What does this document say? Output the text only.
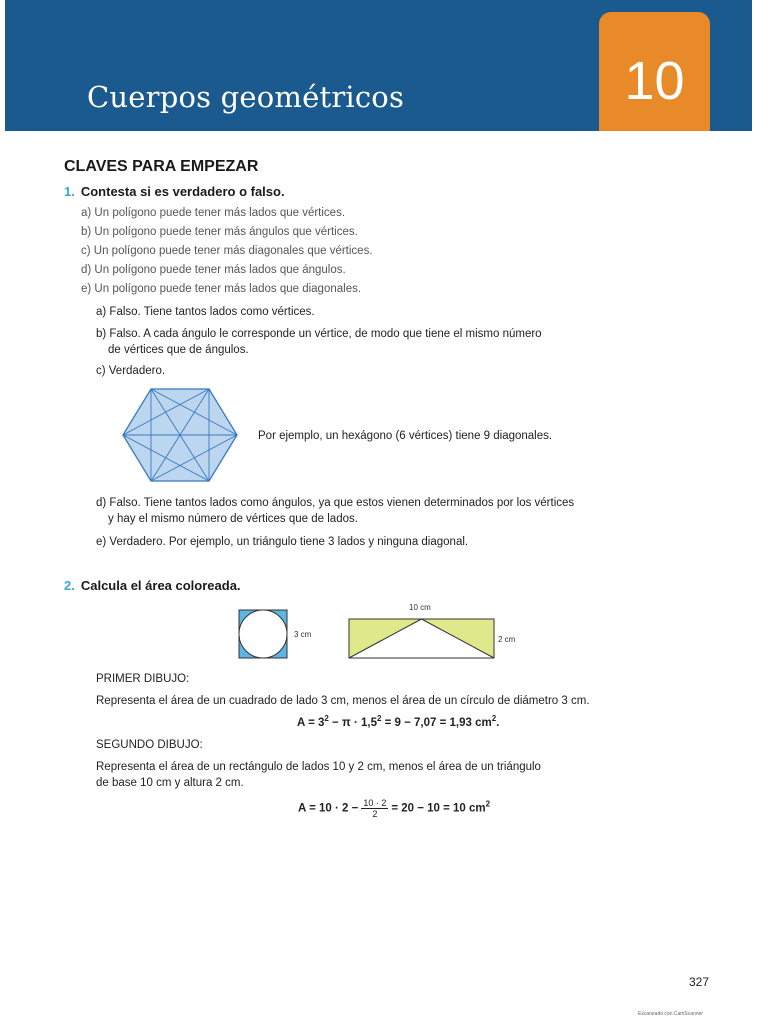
Cuerpos geométricos	10
CLAVES PARA EMPEZAR
1. Contesta si es verdadero o falso.
a) Un polígono puede tener más lados que vértices.
b) Un polígono puede tener más ángulos que vértices.
c) Un polígono puede tener más diagonales que vértices.
d) Un polígono puede tener más lados que ángulos.
e) Un polígono puede tener más lados que diagonales.
a) Falso. Tiene tantos lados como vértices.
b) Falso. A cada ángulo le corresponde un vértice, de modo que tiene el mismo número
de vértices que de ángulos.
c) Verdadero.
Por ejemplo, un hexágono (6 vértices) tiene 9 diagonales.
d) Falso. Tiene tantos lados como ángulos, ya que estos vienen determinados por los vértices
y hay el mismo número de vértices que de lados.
e) Verdadero. Por ejemplo, un triángulo tiene 3 lados y ninguna diagonal.
2. Calcula el área coloreada.
3 cm
10 cm
2 cm
PRIMER DIBUJO:
Representa el área de un cuadrado de lado 3 cm, menos el área de un círculo de diámetro 3 cm.
$A = 3^2 - \pi \cdot 1,5^2 = 9 - 7,07 = 1,93$ $cm^2$.
SEGUNDO DIBUJO:
Representa el área de un rectángulo de lados 10 y 2 cm, menos el área de un triángulo
de base 10 cm y altura 2 cm.
$A = 10 \cdot 2 - \frac{10 \cdot 2}{2} = 20 - 10 = 10$ $cm^2$
327
Escaneado con CamScanner
